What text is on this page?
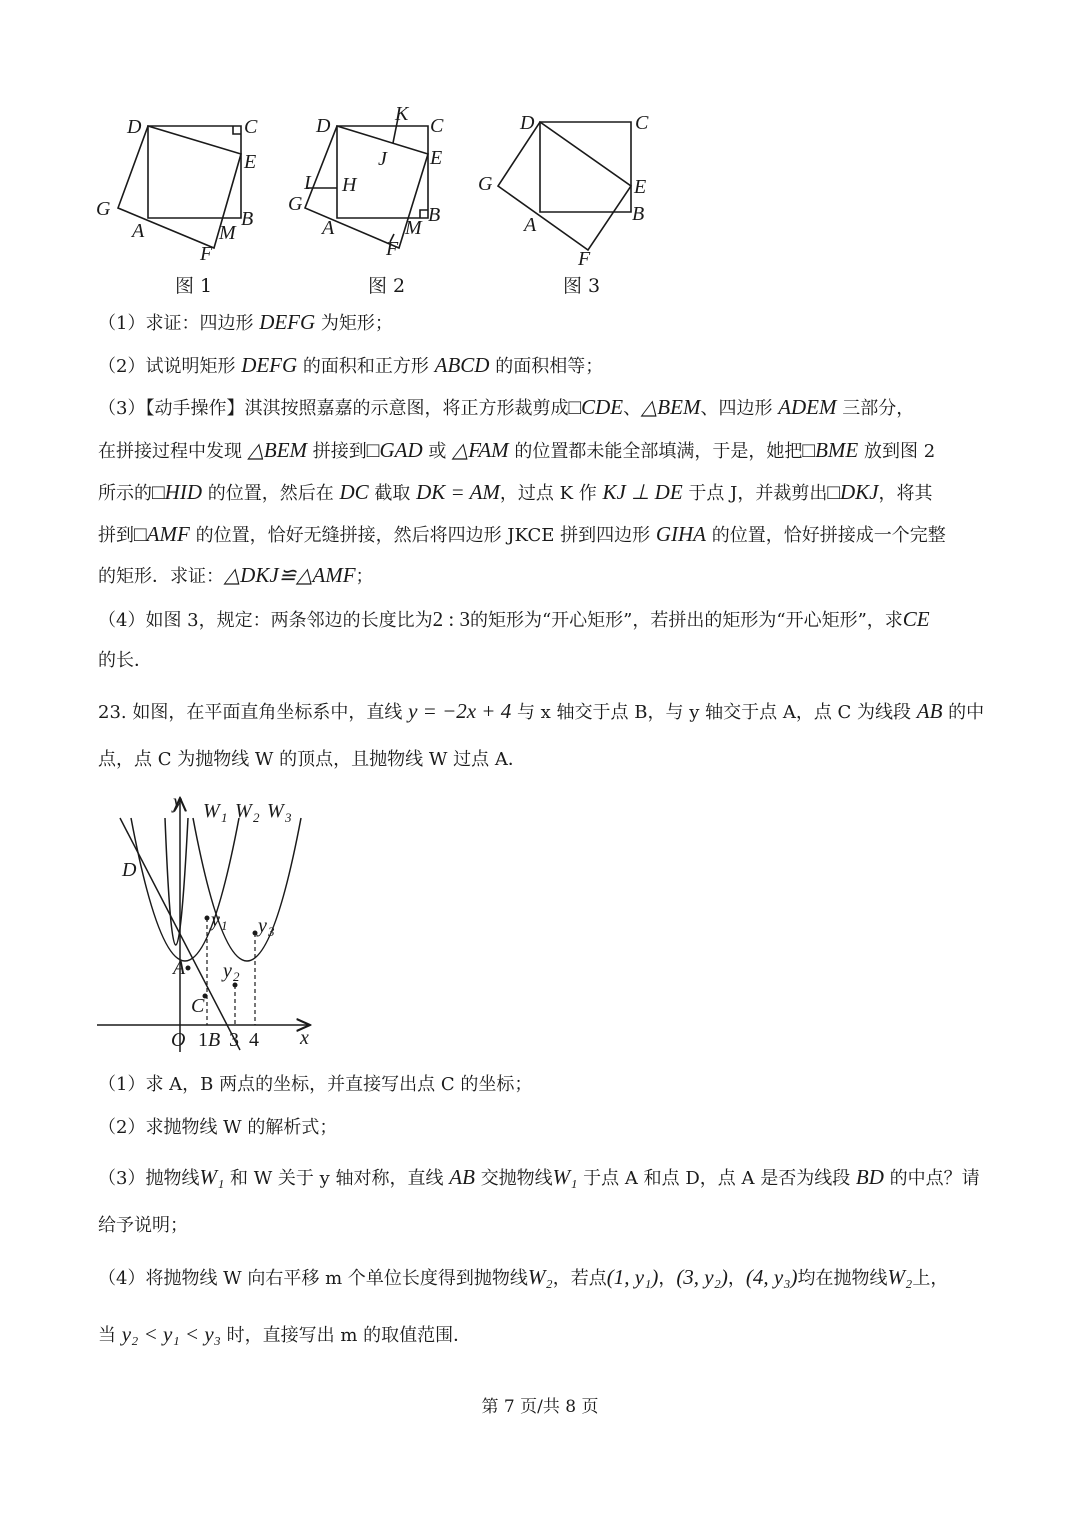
D	C
E
G
A
B
M
F
图 1
D
K
C
J E
I H
G
A
B
M
F
图 2
D	C
G	E
A	B
F
图 3
（1）求证：四边形 DEFG 为矩形；
（2）试说明矩形 DEFG 的面积和正方形 ABCD 的面积相等；
（3）【动手操作】淇淇按照嘉嘉的示意图，将正方形裁剪成□CDE、△BEM、四边形 ADEM 三部分，
在拼接过程中发现 △BEM 拼接到□GAD 或 △FAM 的位置都未能全部填满，于是，她把□BME 放到图 2
所示的□HID 的位置，然后在 DC 截取 DK = AM，过点 K 作 KJ ⊥ DE 于点 J，并裁剪出□DKJ，将其
拼到□AMF 的位置，恰好无缝拼接，然后将四边形 JKCE 拼到四边形 GIHA 的位置，恰好拼接成一个完整
的矩形．求证：△DKJ≌△AMF；
（4）如图 3，规定：两条邻边的长度比为2 : 3的矩形为“开心矩形”，若拼出的矩形为“开心矩形”，求CE
的长．
23. 如图，在平面直角坐标系中，直线 y = −2x + 4 与 x 轴交于点 B，与 y 轴交于点 A，点 C 为线段 AB 的中
点，点 C 为抛物线 W 的顶点，且抛物线 W 过点 A．
y
x
O 1 B 3 4
A
C
D
W 1 W 2 W 3
y 1
y 2
y 3
（1）求 A，B 两点的坐标，并直接写出点 C 的坐标；
（2）求抛物线 W 的解析式；
（3）抛物线W₁ 和 W 关于 y 轴对称，直线 AB 交抛物线W₁ 于点 A 和点 D，点 A 是否为线段 BD 的中点？请
给予说明；
（4）将抛物线 W 向右平移 m 个单位长度得到抛物线W₂，若点(1, y₁)，(3, y₂)，(4, y₃)均在抛物线W₂上，
当 y₂ < y₁ < y₃ 时，直接写出 m 的取值范围．
第 7 页/共 8 页
